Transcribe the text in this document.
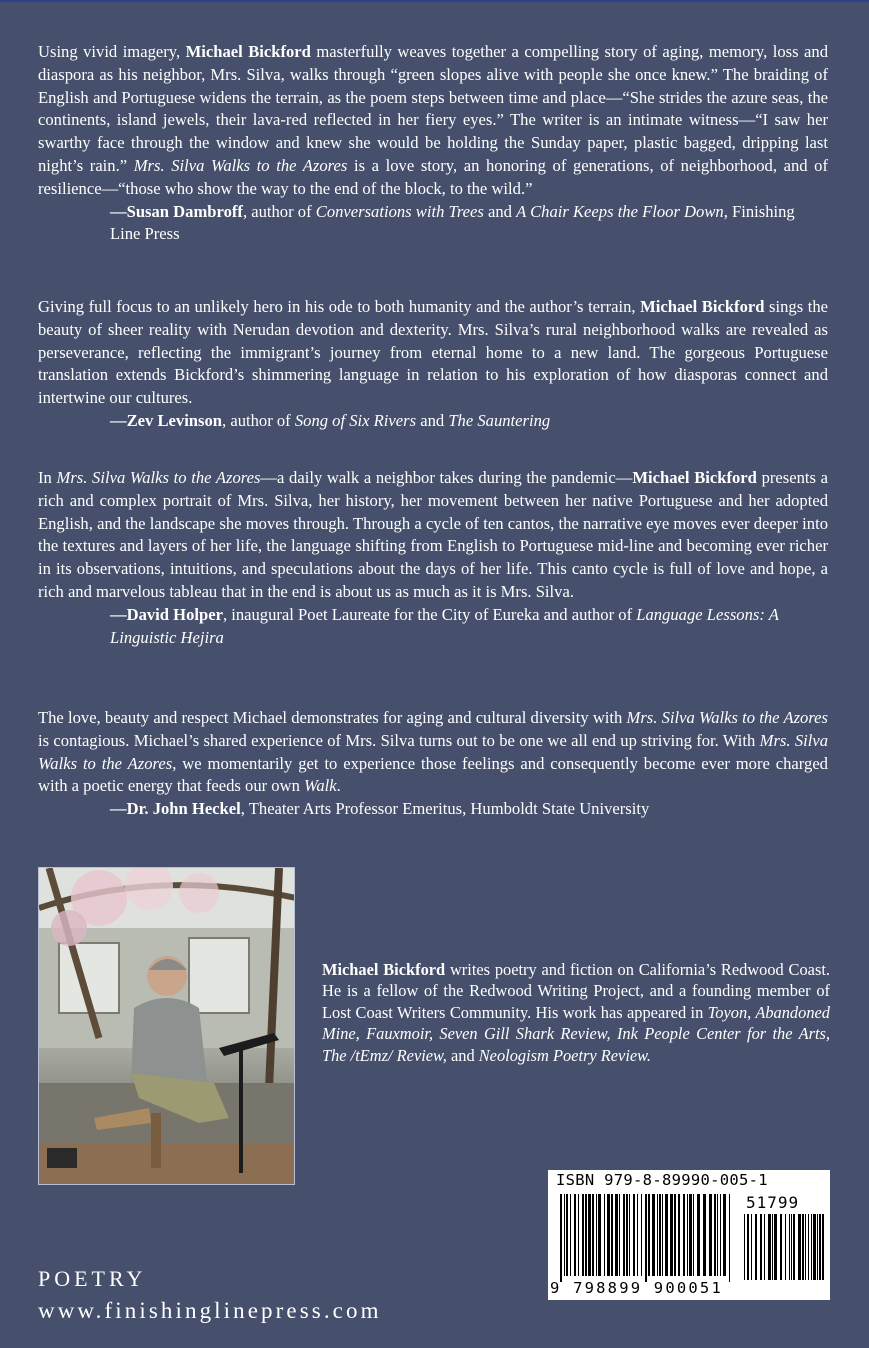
Using vivid imagery, Michael Bickford masterfully weaves together a compelling story of aging, memory, loss and diaspora as his neighbor, Mrs. Silva, walks through “green slopes alive with people she once knew.” The braiding of English and Portuguese widens the terrain, as the poem steps between time and place—“She strides the azure seas, the continents, island jewels, their lava-red reflected in her fiery eyes.” The writer is an intimate witness—“I saw her swarthy face through the window and knew she would be holding the Sunday paper, plastic bagged, dripping last night’s rain.” Mrs. Silva Walks to the Azores is a love story, an honoring of generations, of neighborhood, and of resilience—“those who show the way to the end of the block, to the wild.”

—Susan Dambroff, author of Conversations with Trees and A Chair Keeps the Floor Down, Finishing Line Press

Giving full focus to an unlikely hero in his ode to both humanity and the author’s terrain, Michael Bickford sings the beauty of sheer reality with Nerudan devotion and dexterity. Mrs. Silva’s rural neighborhood walks are revealed as perseverance, reflecting the immigrant’s journey from eternal home to a new land. The gorgeous Portuguese translation extends Bickford’s shimmering language in relation to his exploration of how diasporas connect and intertwine our cultures.

—Zev Levinson, author of Song of Six Rivers and The Sauntering

In Mrs. Silva Walks to the Azores—a daily walk a neighbor takes during the pandemic—Michael Bickford presents a rich and complex portrait of Mrs. Silva, her history, her movement between her native Portuguese and her adopted English, and the landscape she moves through. Through a cycle of ten cantos, the narrative eye moves ever deeper into the textures and layers of her life, the language shifting from English to Portuguese mid-line and becoming ever richer in its observations, intuitions, and speculations about the days of her life. This canto cycle is full of love and hope, a rich and marvelous tableau that in the end is about us as much as it is Mrs. Silva.

—David Holper, inaugural Poet Laureate for the City of Eureka and author of Language Lessons: A Linguistic Hejira

The love, beauty and respect Michael demonstrates for aging and cultural diversity with Mrs. Silva Walks to the Azores is contagious. Michael’s shared experience of Mrs. Silva turns out to be one we all end up striving for. With Mrs. Silva Walks to the Azores, we momentarily get to experience those feelings and consequently become ever more charged with a poetic energy that feeds our own Walk.

—Dr. John Heckel, Theater Arts Professor Emeritus, Humboldt State University

Michael Bickford writes poetry and fiction on California’s Redwood Coast. He is a fellow of the Redwood Writing Project, and a founding member of Lost Coast Writers Community. His work has appeared in Toyon, Abandoned Mine, Fauxmoir, Seven Gill Shark Review, Ink People Center for the Arts, The /tEmz/ Review, and Neologism Poetry Review.

ISBN 979-8-89990-005-1
51799
9 798899 900051

POETRY

www.finishinglinepress.com
